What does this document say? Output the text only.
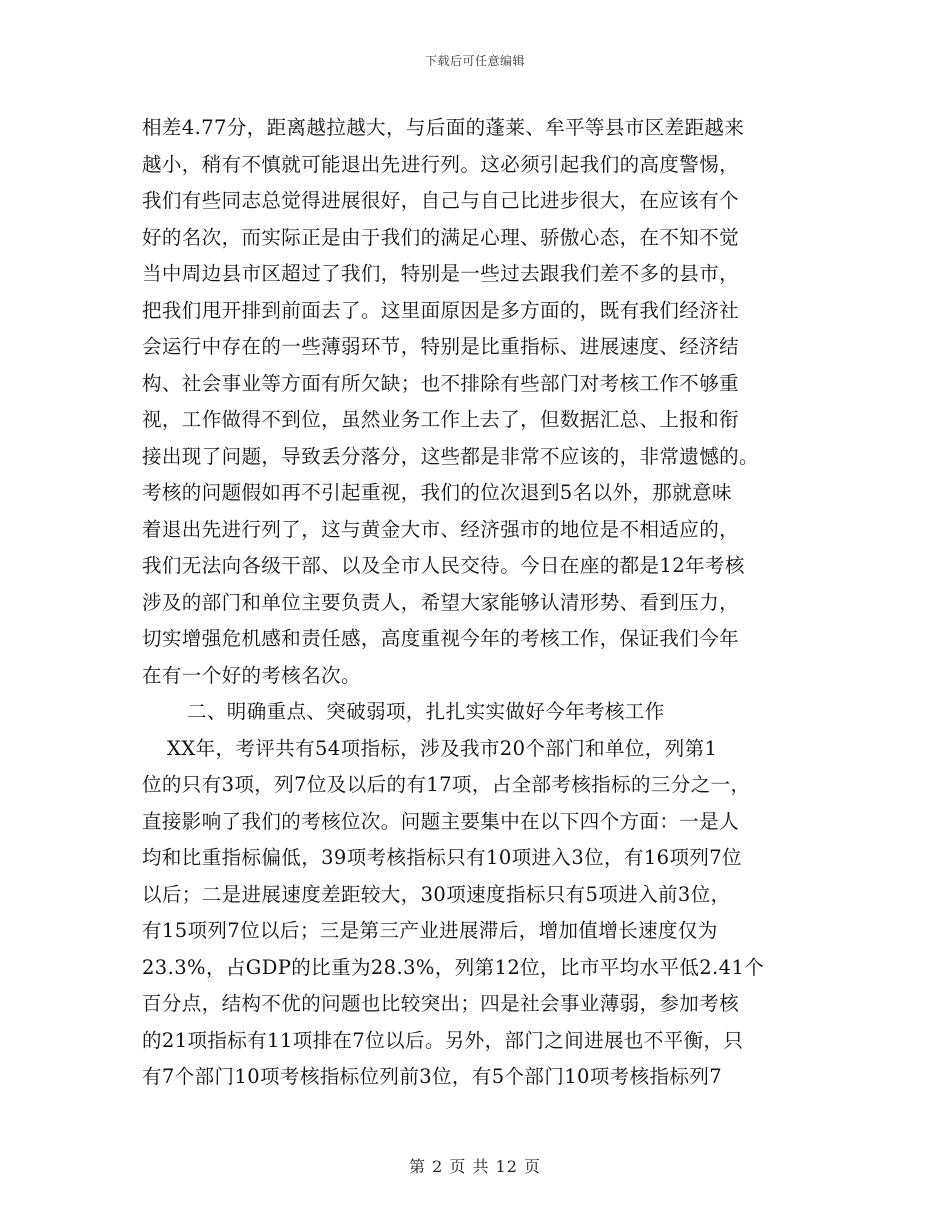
下载后可任意编辑
相差4.77分，距离越拉越大，与后面的蓬莱、牟平等县市区差距越来
越小，稍有不慎就可能退出先进行列。这必须引起我们的高度警惕，
我们有些同志总觉得进展很好，自己与自己比进步很大，在应该有个
好的名次，而实际正是由于我们的满足心理、骄傲心态，在不知不觉
当中周边县市区超过了我们，特别是一些过去跟我们差不多的县市，
把我们甩开排到前面去了。这里面原因是多方面的，既有我们经济社
会运行中存在的一些薄弱环节，特别是比重指标、进展速度、经济结
构、社会事业等方面有所欠缺；也不排除有些部门对考核工作不够重
视，工作做得不到位，虽然业务工作上去了，但数据汇总、上报和衔
接出现了问题，导致丢分落分，这些都是非常不应该的，非常遗憾的。
考核的问题假如再不引起重视，我们的位次退到5名以外，那就意味
着退出先进行列了，这与黄金大市、经济强市的地位是不相适应的，
我们无法向各级干部、以及全市人民交待。今日在座的都是12年考核
涉及的部门和单位主要负责人，希望大家能够认清形势、看到压力，
切实增强危机感和责任感，高度重视今年的考核工作，保证我们今年
在有一个好的考核名次。
二、明确重点、突破弱项，扎扎实实做好今年考核工作
XX年，考评共有54项指标，涉及我市20个部门和单位，列第1
位的只有3项，列7位及以后的有17项，占全部考核指标的三分之一，
直接影响了我们的考核位次。问题主要集中在以下四个方面：一是人
均和比重指标偏低，39项考核指标只有10项进入3位，有16项列7位
以后；二是进展速度差距较大，30项速度指标只有5项进入前3位，
有15项列7位以后；三是第三产业进展滞后，增加值增长速度仅为
23.3%，占GDP的比重为28.3%，列第12位，比市平均水平低2.41个
百分点，结构不优的问题也比较突出；四是社会事业薄弱，参加考核
的21项指标有11项排在7位以后。另外，部门之间进展也不平衡，只
有7个部门10项考核指标位列前3位，有5个部门10项考核指标列7
第 2 页 共 12 页
